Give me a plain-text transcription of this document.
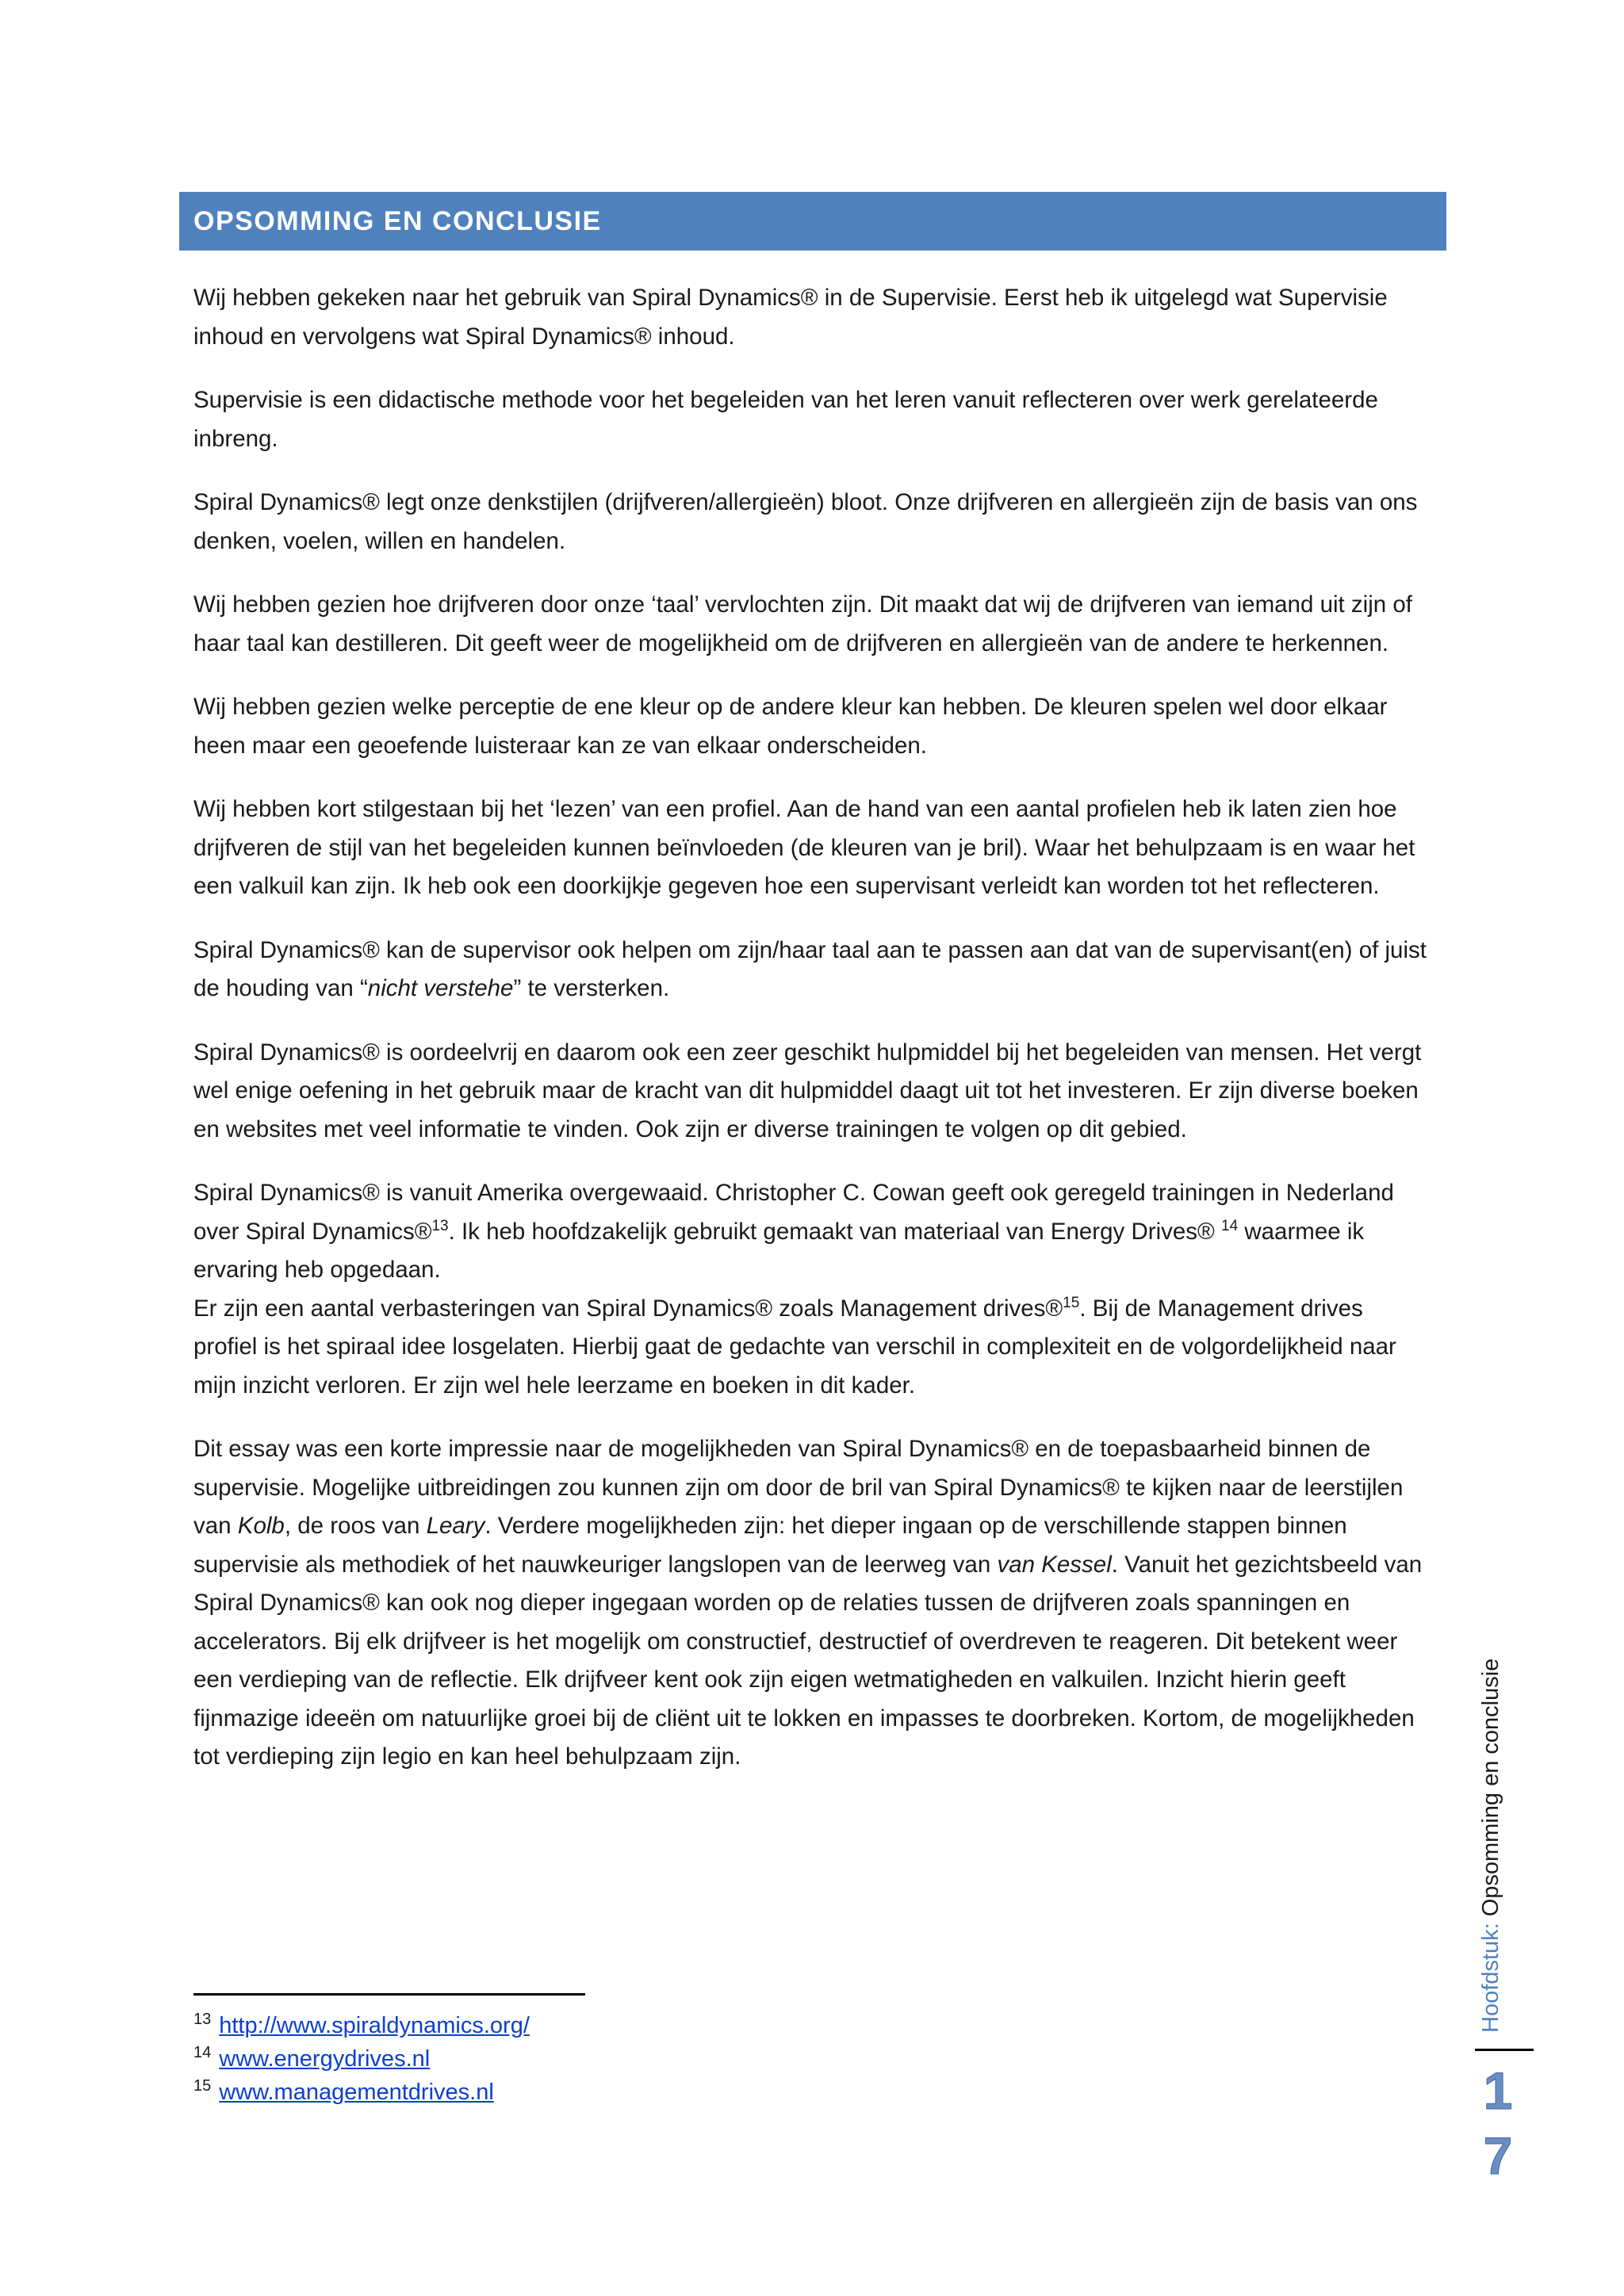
OPSOMMING EN CONCLUSIE

Wij hebben gekeken naar het gebruik van Spiral Dynamics® in de Supervisie. Eerst heb ik uitgelegd wat Supervisie inhoud en vervolgens wat Spiral Dynamics® inhoud.

Supervisie is een didactische methode voor het begeleiden van het leren vanuit reflecteren over werk gerelateerde inbreng.

Spiral Dynamics® legt onze denkstijlen (drijfveren/allergieën) bloot. Onze drijfveren en allergieën zijn de basis van ons denken, voelen, willen en handelen.

Wij hebben gezien hoe drijfveren door onze ‘taal’ vervlochten zijn. Dit maakt dat wij de drijfveren van iemand uit zijn of haar taal kan destilleren. Dit geeft weer de mogelijkheid om de drijfveren en allergieën van de andere te herkennen.

Wij hebben gezien welke perceptie de ene kleur op de andere kleur kan hebben. De kleuren spelen wel door elkaar heen maar een geoefende luisteraar kan ze van elkaar onderscheiden.

Wij hebben kort stilgestaan bij het ‘lezen’ van een profiel. Aan de hand van een aantal profielen heb ik laten zien hoe drijfveren de stijl van het begeleiden kunnen beïnvloeden (de kleuren van je bril). Waar het behulpzaam is en waar het een valkuil kan zijn. Ik heb ook een doorkijkje gegeven hoe een supervisant verleidt kan worden tot het reflecteren.

Spiral Dynamics® kan de supervisor ook helpen om zijn/haar taal aan te passen aan dat van de supervisant(en) of juist de houding van “nicht verstehe” te versterken.

Spiral Dynamics® is oordeelvrij en daarom ook een zeer geschikt hulpmiddel bij het begeleiden van mensen. Het vergt wel enige oefening in het gebruik maar de kracht van dit hulpmiddel daagt uit tot het investeren. Er zijn diverse boeken en websites met veel informatie te vinden. Ook zijn er diverse trainingen te volgen op dit gebied.

Spiral Dynamics® is vanuit Amerika overgewaaid. Christopher C. Cowan geeft ook geregeld trainingen in Nederland over Spiral Dynamics®$^{13}$. Ik heb hoofdzakelijk gebruikt gemaakt van materiaal van Energy Drives® $^{14}$ waarmee ik ervaring heb opgedaan.

Er zijn een aantal verbasteringen van Spiral Dynamics® zoals Management drives®$^{15}$. Bij de Management drives profiel is het spiraal idee losgelaten. Hierbij gaat de gedachte van verschil in complexiteit en de volgordelijkheid naar mijn inzicht verloren. Er zijn wel hele leerzame en boeken in dit kader.

Dit essay was een korte impressie naar de mogelijkheden van Spiral Dynamics® en de toepasbaarheid binnen de supervisie. Mogelijke uitbreidingen zou kunnen zijn om door de bril van Spiral Dynamics® te kijken naar de leerstijlen van Kolb, de roos van Leary. Verdere mogelijkheden zijn: het dieper ingaan op de verschillende stappen binnen supervisie als methodiek of het nauwkeuriger langslopen van de leerweg van van Kessel. Vanuit het gezichtsbeeld van Spiral Dynamics® kan ook nog dieper ingegaan worden op de relaties tussen de drijfveren zoals spanningen en accelerators. Bij elk drijfveer is het mogelijk om constructief, destructief of overdreven te reageren. Dit betekent weer een verdieping van de reflectie. Elk drijfveer kent ook zijn eigen wetmatigheden en valkuilen. Inzicht hierin geeft fijnmazige ideeën om natuurlijke groei bij de cliënt uit te lokken en impasses te doorbreken. Kortom, de mogelijkheden tot verdieping zijn legio en kan heel behulpzaam zijn.

$^{13}$ http://www.spiraldynamics.org/

$^{14}$ www.energydrives.nl

$^{15}$ www.managementdrives.nl

Hoofdstuk: Opsomming en conclusie
1
7
